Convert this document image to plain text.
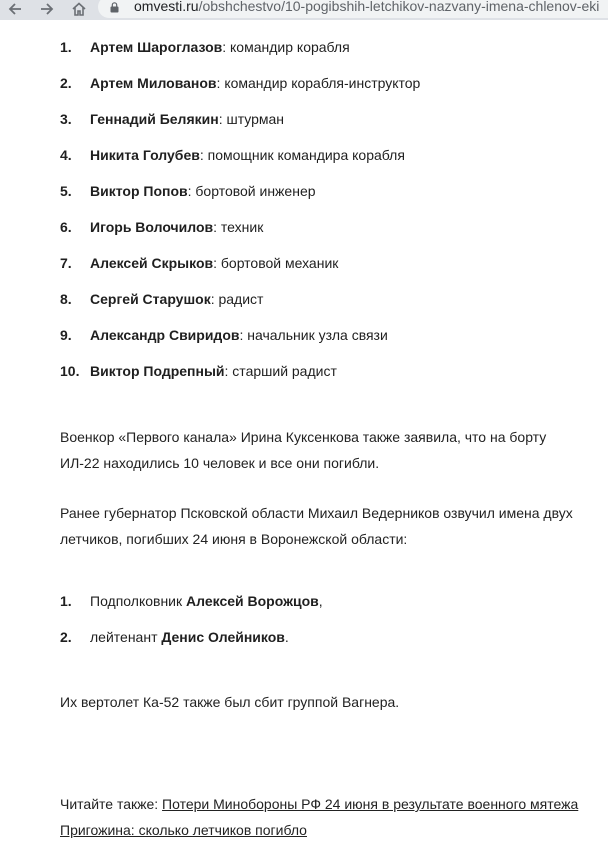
omvesti.ru/obshchestvo/10-pogibshih-letchikov-nazvany-imena-chlenov-eki
1. Артем Шароглазов: командир корабля
2. Артем Милованов: командир корабля-инструктор
3. Геннадий Белякин: штурман
4. Никита Голубев: помощник командира корабля
5. Виктор Попов: бортовой инженер
6. Игорь Волочилов: техник
7. Алексей Скрыков: бортовой механик
8. Сергей Старушок: радист
9. Александр Свиридов: начальник узла связи
10. Виктор Подрепный: старший радист

Военкор «Первого канала» Ирина Куксенкова также заявила, что на борту ИЛ-22 находились 10 человек и все они погибли.

Ранее губернатор Псковской области Михаил Ведерников озвучил имена двух летчиков, погибших 24 июня в Воронежской области:

1. Подполковник Алексей Ворожцов,
2. лейтенант Денис Олейников.

Их вертолет Ка-52 также был сбит группой Вагнера.

Читайте также: Потери Минобороны РФ 24 июня в результате военного мятежа Пригожина: сколько летчиков погибло
